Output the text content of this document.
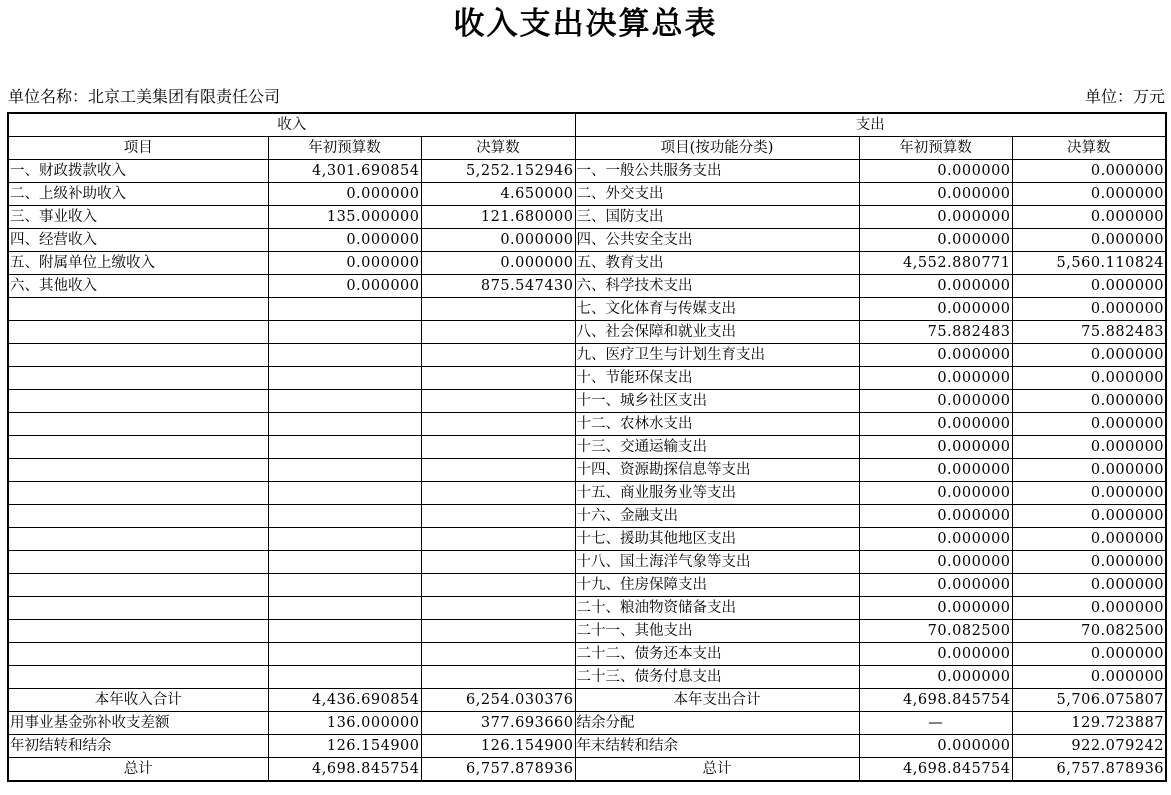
收入支出决算总表
单位名称：北京工美集团有限责任公司	单位：万元
收入			支出		
项目	年初预算数	决算数	项目(按功能分类)	年初预算数	决算数
一、财政拨款收入	4,301.690854	5,252.152946	一、一般公共服务支出	0.000000	0.000000
二、上级补助收入	0.000000	4.650000	二、外交支出	0.000000	0.000000
三、事业收入	135.000000	121.680000	三、国防支出	0.000000	0.000000
四、经营收入	0.000000	0.000000	四、公共安全支出	0.000000	0.000000
五、附属单位上缴收入	0.000000	0.000000	五、教育支出	4,552.880771	5,560.110824
六、其他收入	0.000000	875.547430	六、科学技术支出	0.000000	0.000000
			七、文化体育与传媒支出	0.000000	0.000000
			八、社会保障和就业支出	75.882483	75.882483
			九、医疗卫生与计划生育支出	0.000000	0.000000
			十、节能环保支出	0.000000	0.000000
			十一、城乡社区支出	0.000000	0.000000
			十二、农林水支出	0.000000	0.000000
			十三、交通运输支出	0.000000	0.000000
			十四、资源勘探信息等支出	0.000000	0.000000
			十五、商业服务业等支出	0.000000	0.000000
			十六、金融支出	0.000000	0.000000
			十七、援助其他地区支出	0.000000	0.000000
			十八、国土海洋气象等支出	0.000000	0.000000
			十九、住房保障支出	0.000000	0.000000
			二十、粮油物资储备支出	0.000000	0.000000
			二十一、其他支出	70.082500	70.082500
			二十二、债务还本支出	0.000000	0.000000
			二十三、债务付息支出	0.000000	0.000000
本年收入合计	4,436.690854	6,254.030376	本年支出合计	4,698.845754	5,706.075807
用事业基金弥补收支差额	136.000000	377.693660	结余分配	—	129.723887
年初结转和结余	126.154900	126.154900	年末结转和结余	0.000000	922.079242
总计	4,698.845754	6,757.878936	总计	4,698.845754	6,757.878936
